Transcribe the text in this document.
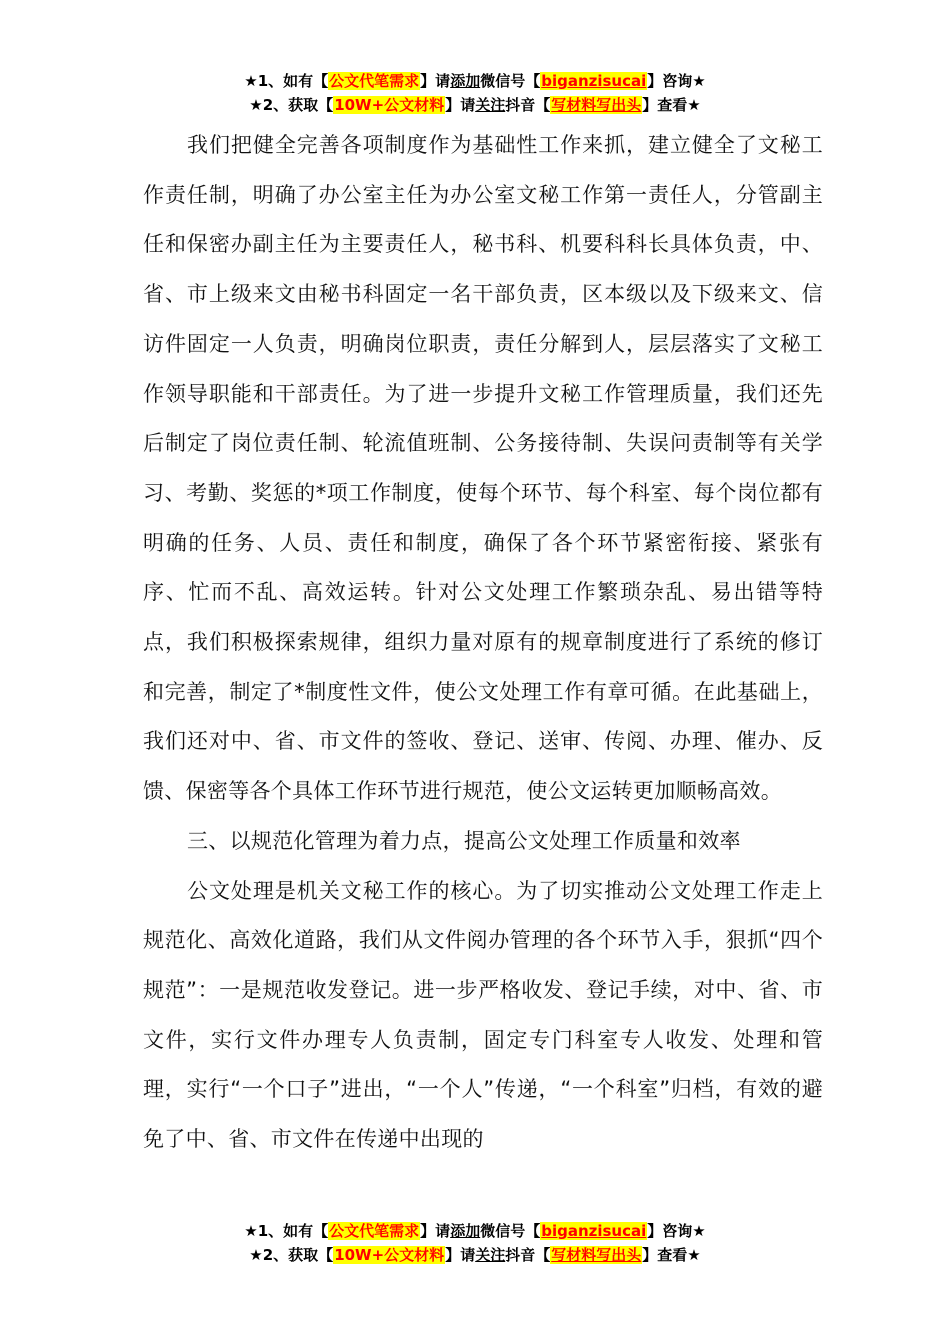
★1、如有【公文代笔需求】请添加微信号【biganzisucai】咨询★
★2、获取【10W+公文材料】请关注抖音【写材料写出头】查看★

我们把健全完善各项制度作为基础性工作来抓，建立健全了文秘工作责任制，明确了办公室主任为办公室文秘工作第一责任人，分管副主任和保密办副主任为主要责任人，秘书科、机要科科长具体负责，中、省、市上级来文由秘书科固定一名干部负责，区本级以及下级来文、信访件固定一人负责，明确岗位职责，责任分解到人，层层落实了文秘工作领导职能和干部责任。为了进一步提升文秘工作管理质量，我们还先后制定了岗位责任制、轮流值班制、公务接待制、失误问责制等有关学习、考勤、奖惩的*项工作制度，使每个环节、每个科室、每个岗位都有明确的任务、人员、责任和制度，确保了各个环节紧密衔接、紧张有序、忙而不乱、高效运转。针对公文处理工作繁琐杂乱、易出错等特点，我们积极探索规律，组织力量对原有的规章制度进行了系统的修订和完善，制定了*制度性文件，使公文处理工作有章可循。在此基础上，我们还对中、省、市文件的签收、登记、送审、传阅、办理、催办、反馈、保密等各个具体工作环节进行规范，使公文运转更加顺畅高效。

三、以规范化管理为着力点，提高公文处理工作质量和效率

公文处理是机关文秘工作的核心。为了切实推动公文处理工作走上规范化、高效化道路，我们从文件阅办管理的各个环节入手，狠抓“四个规范”：一是规范收发登记。进一步严格收发、登记手续，对中、省、市文件，实行文件办理专人负责制，固定专门科室专人收发、处理和管理，实行“一个口子”进出，“一个人”传递，“一个科室”归档，有效的避免了中、省、市文件在传递中出现的

★1、如有【公文代笔需求】请添加微信号【biganzisucai】咨询★
★2、获取【10W+公文材料】请关注抖音【写材料写出头】查看★
